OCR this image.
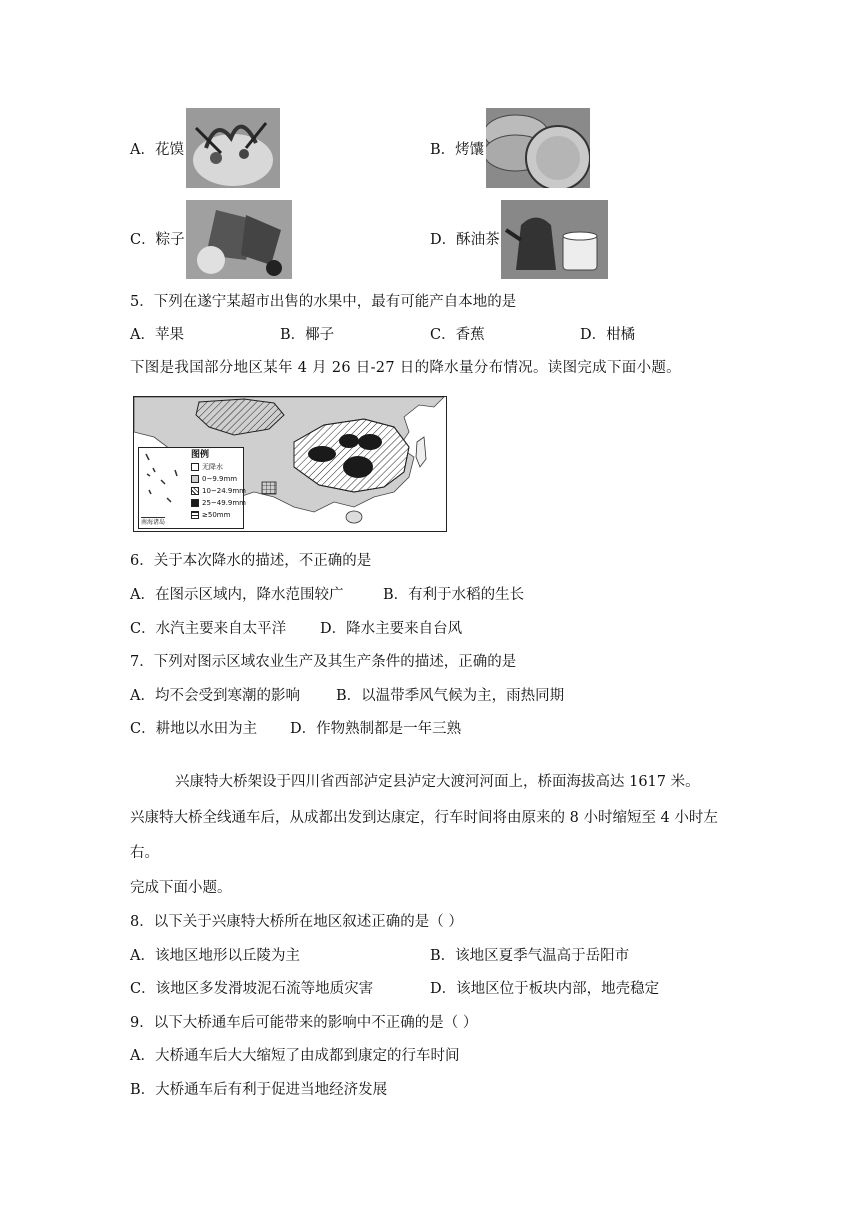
A．花馍	B．烤馕
C．粽子	D．酥油茶
5．下列在遂宁某超市出售的水果中，最有可能产自本地的是
A．苹果	B．椰子	C．香蕉	D．柑橘
下图是我国部分地区某年 4 月 26 日-27 日的降水量分布情况。读图完成下面小题。
南海诸岛
图例
无降水
0~9.9mm
10~24.9mm
25~49.9mm
≥50mm
6．关于本次降水的描述，不正确的是
A．在图示区域内，降水范围较广	B．有利于水稻的生长
C．水汽主要来自太平洋 D．降水主要来自台风
7．下列对图示区域农业生产及其生产条件的描述，正确的是
A．均不会受到寒潮的影响 B．以温带季风气候为主，雨热同期
C．耕地以水田为主 D．作物熟制都是一年三熟
兴康特大桥架设于四川省西部泸定县泸定大渡河河面上，桥面海拔高达 1617 米。
兴康特大桥全线通车后，从成都出发到达康定，行车时间将由原来的 8 小时缩短至 4 小时左
右。
完成下面小题。
8．以下关于兴康特大桥所在地区叙述正确的是（ ）
A．该地区地形以丘陵为主	B．该地区夏季气温高于岳阳市
C．该地区多发滑坡泥石流等地质灾害	D．该地区位于板块内部，地壳稳定
9．以下大桥通车后可能带来的影响中不正确的是（ ）
A．大桥通车后大大缩短了由成都到康定的行车时间
B．大桥通车后有利于促进当地经济发展
